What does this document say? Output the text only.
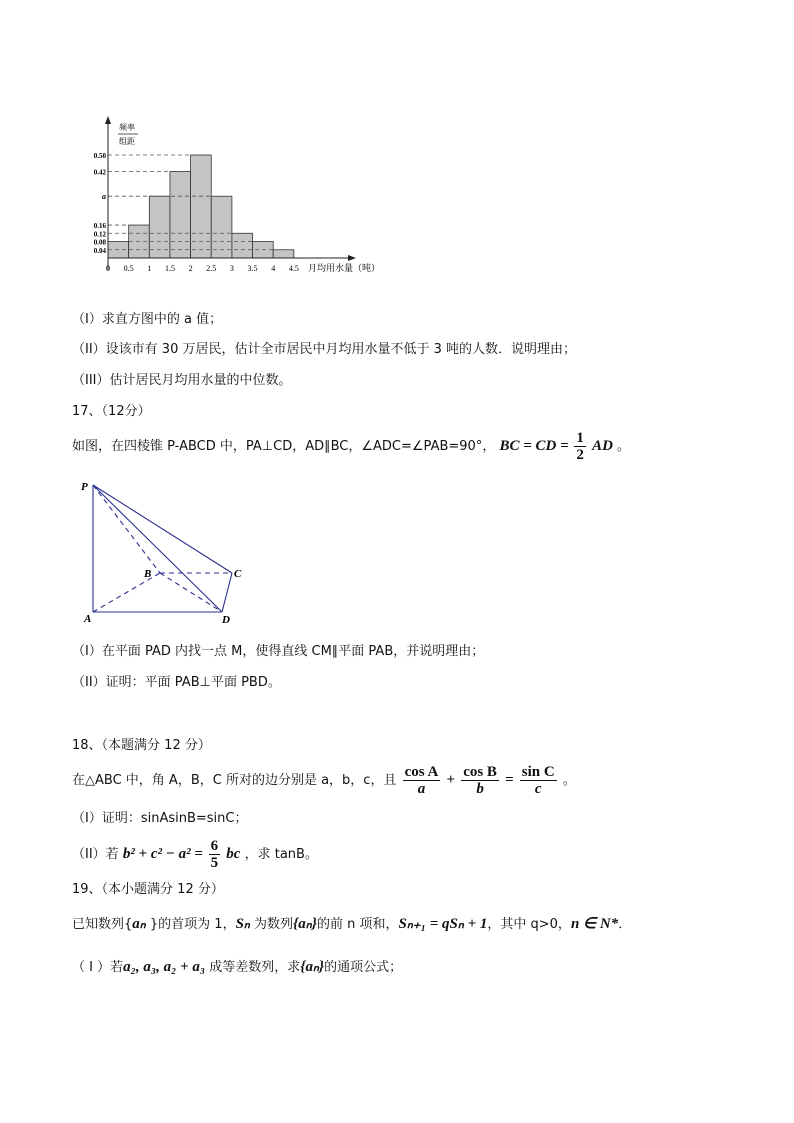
频率
组距
0.50
0.42
a
0.16
0.12
0.08
0.04
0 0.5 1 1.5 2 2.5 3 3.5 4 4.5 月均用水量（吨）
（I）求直方图中的 a 值；
（II）设该市有 30 万居民，估计全市居民中月均用水量不低于 3 吨的人数．说明理由；
（III）估计居民月均用水量的中位数。
17、（12分）
如图，在四棱锥 P-ABCD 中，PA⊥CD，AD∥BC，∠ADC=∠PAB=90°， BC = CD = $\frac{1}{2}$ AD 。
P
B	C
A	D
（I）在平面 PAD 内找一点 M，使得直线 CM∥平面 PAB，并说明理由；
（II）证明：平面 PAB⊥平面 PBD。
18、（本题满分 12 分）
在△ABC 中，角 A，B，C 所对的边分别是 a，b，c，且 $\frac{\text{cos A}}{a} + \frac{\text{cos B}}{b} = \frac{\text{sin C}}{c}$ 。
（I）证明：sinAsinB=sinC；
（II）若 $b^2 + c^2 - a^2 = \frac{6}{5}$ bc ，求 tanB。
19、（本小题满分 12 分）
已知数列{aₙ }的首项为 1，Sₙ 为数列{aₙ}的前 n 项和，Sₙ₊₁ = qSₙ + 1，其中 q>0，n ∈ N*．
（ I ）若a₂, a₃, a₂ + a₃ 成等差数列，求{aₙ}的通项公式；
